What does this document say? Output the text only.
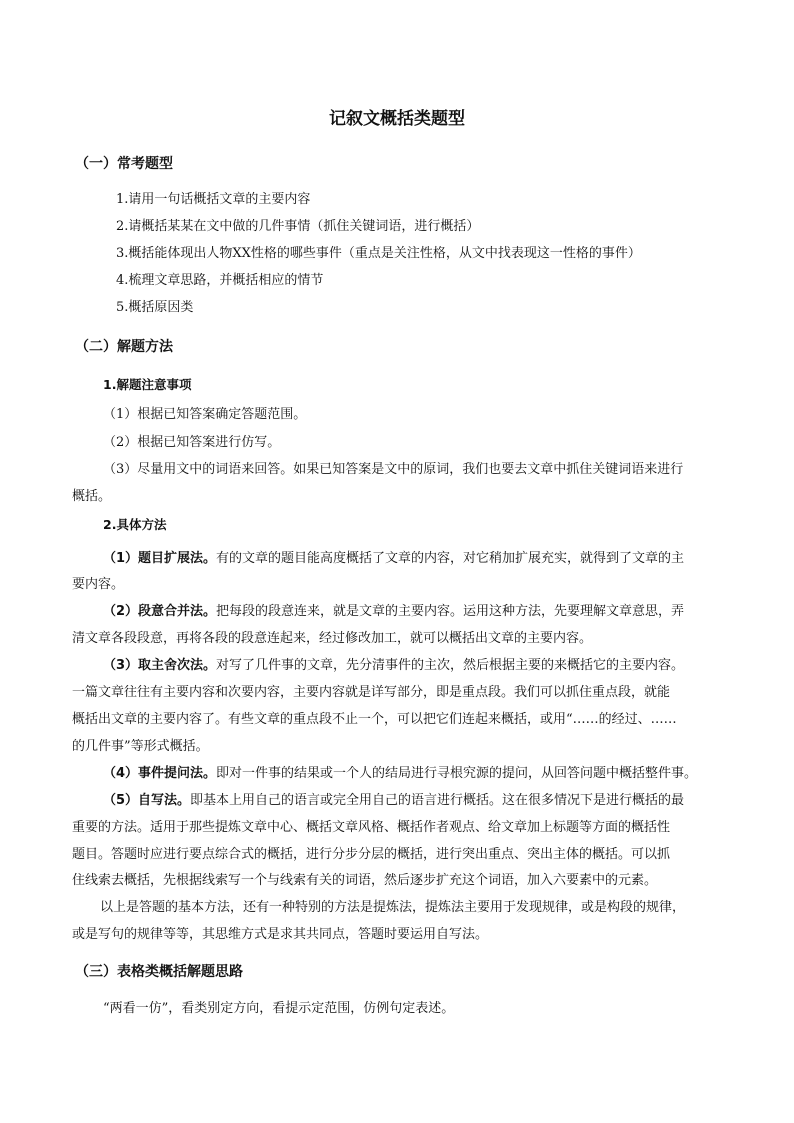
记叙文概括类题型
（一）常考题型
1.请用一句话概括文章的主要内容
2.请概括某某在文中做的几件事情（抓住关键词语，进行概括）
3.概括能体现出人物XX性格的哪些事件（重点是关注性格，从文中找表现这一性格的事件）
4.梳理文章思路，并概括相应的情节
5.概括原因类
（二）解题方法
1.解题注意事项
（1）根据已知答案确定答题范围。
（2）根据已知答案进行仿写。
（3）尽量用文中的词语来回答。如果已知答案是文中的原词，我们也要去文章中抓住关键词语来进行
概括。
2.具体方法
（1）题目扩展法。有的文章的题目能高度概括了文章的内容，对它稍加扩展充实，就得到了文章的主
要内容。
（2）段意合并法。把每段的段意连来，就是文章的主要内容。运用这种方法，先要理解文章意思，弄
清文章各段段意，再将各段的段意连起来，经过修改加工，就可以概括出文章的主要内容。
（3）取主舍次法。对写了几件事的文章，先分清事件的主次，然后根据主要的来概括它的主要内容。
一篇文章往往有主要内容和次要内容，主要内容就是详写部分，即是重点段。我们可以抓住重点段，就能
概括出文章的主要内容了。有些文章的重点段不止一个，可以把它们连起来概括，或用“……的经过、……
的几件事”等形式概括。
（4）事件提问法。即对一件事的结果或一个人的结局进行寻根究源的提问，从回答问题中概括整件事。
（5）自写法。即基本上用自己的语言或完全用自己的语言进行概括。这在很多情况下是进行概括的最
重要的方法。适用于那些提炼文章中心、概括文章风格、概括作者观点、给文章加上标题等方面的概括性
题目。答题时应进行要点综合式的概括，进行分步分层的概括，进行突出重点、突出主体的概括。可以抓
住线索去概括，先根据线索写一个与线索有关的词语，然后逐步扩充这个词语，加入六要素中的元素。
以上是答题的基本方法，还有一种特别的方法是提炼法，提炼法主要用于发现规律，或是构段的规律，
或是写句的规律等等，其思维方式是求其共同点，答题时要运用自写法。
（三）表格类概括解题思路
“两看一仿”，看类别定方向，看提示定范围，仿例句定表述。
